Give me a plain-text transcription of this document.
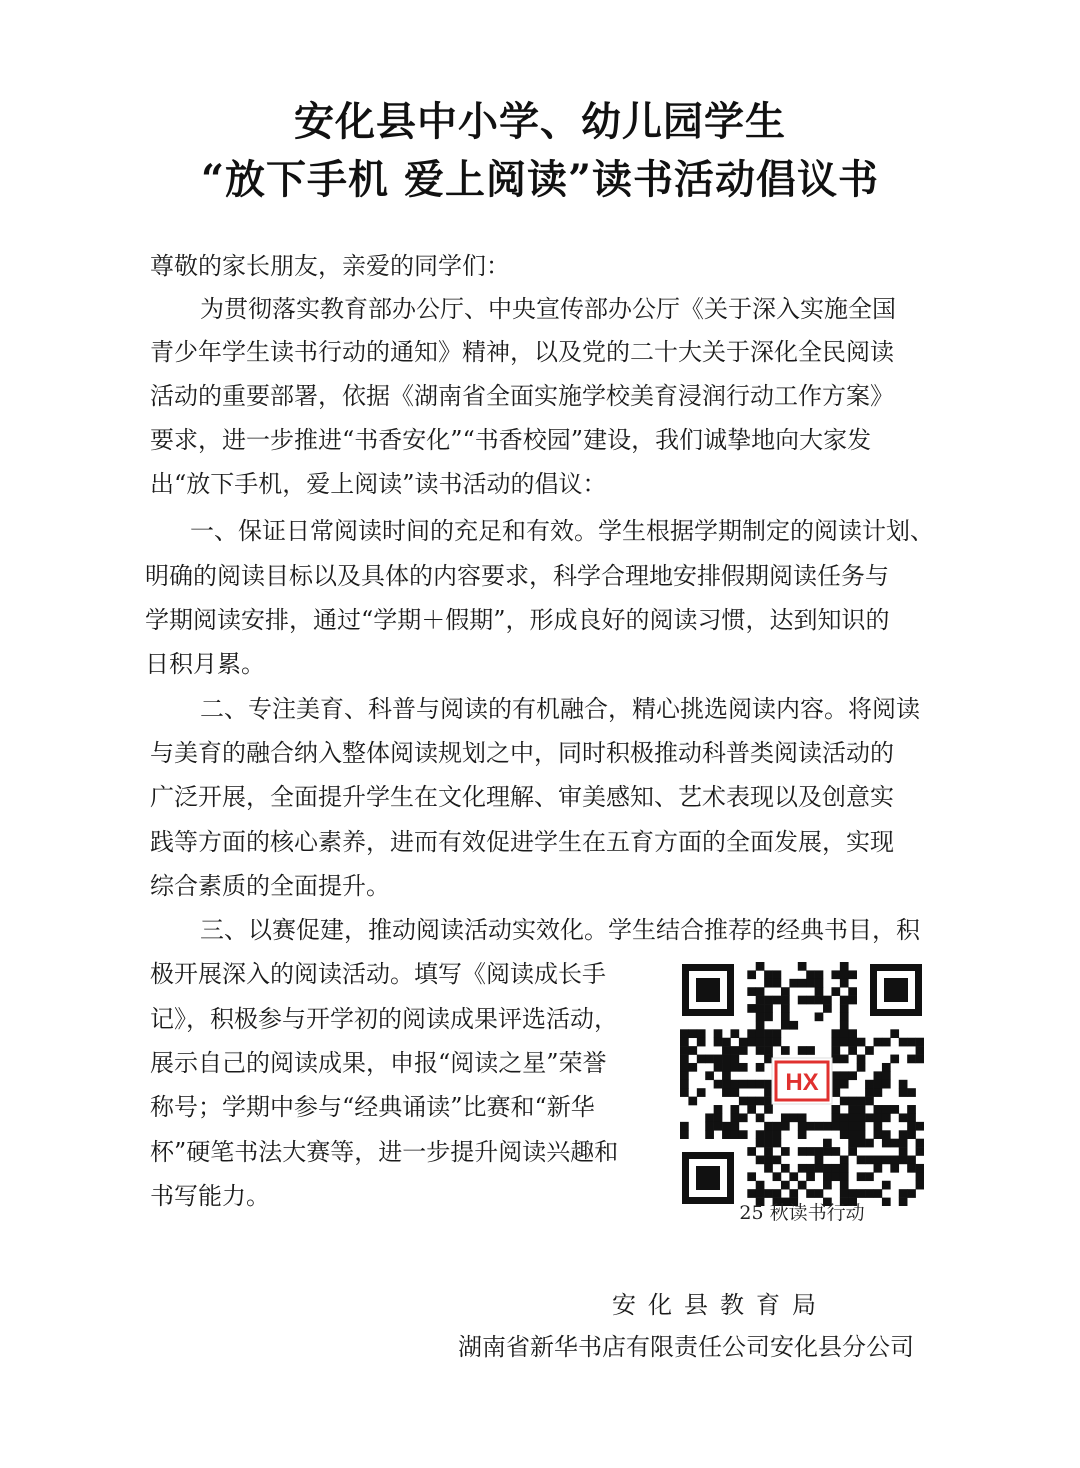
安化县中小学、幼儿园学生
“放下手机 爱上阅读”读书活动倡议书
尊敬的家长朋友，亲爱的同学们：
为贯彻落实教育部办公厅、中央宣传部办公厅《关于深入实施全国
青少年学生读书行动的通知》精神，以及党的二十大关于深化全民阅读
活动的重要部署，依据《湖南省全面实施学校美育浸润行动工作方案》
要求，进一步推进“书香安化”“书香校园”建设，我们诚挚地向大家发
出“放下手机，爱上阅读”读书活动的倡议：
一、保证日常阅读时间的充足和有效。学生根据学期制定的阅读计划、
明确的阅读目标以及具体的内容要求，科学合理地安排假期阅读任务与
学期阅读安排，通过“学期＋假期”，形成良好的阅读习惯，达到知识的
日积月累。
二、专注美育、科普与阅读的有机融合，精心挑选阅读内容。将阅读
与美育的融合纳入整体阅读规划之中，同时积极推动科普类阅读活动的
广泛开展，全面提升学生在文化理解、审美感知、艺术表现以及创意实
践等方面的核心素养，进而有效促进学生在五育方面的全面发展，实现
综合素质的全面提升。
三、以赛促建，推动阅读活动实效化。学生结合推荐的经典书目，积
极开展深入的阅读活动。填写《阅读成长手
记》，积极参与开学初的阅读成果评选活动，
展示自己的阅读成果，申报“阅读之星”荣誉
称号；学期中参与“经典诵读”比赛和“新华
杯”硬笔书法大赛等，进一步提升阅读兴趣和
书写能力。
HX
25 秋读书行动
安化县教育局
湖南省新华书店有限责任公司安化县分公司
